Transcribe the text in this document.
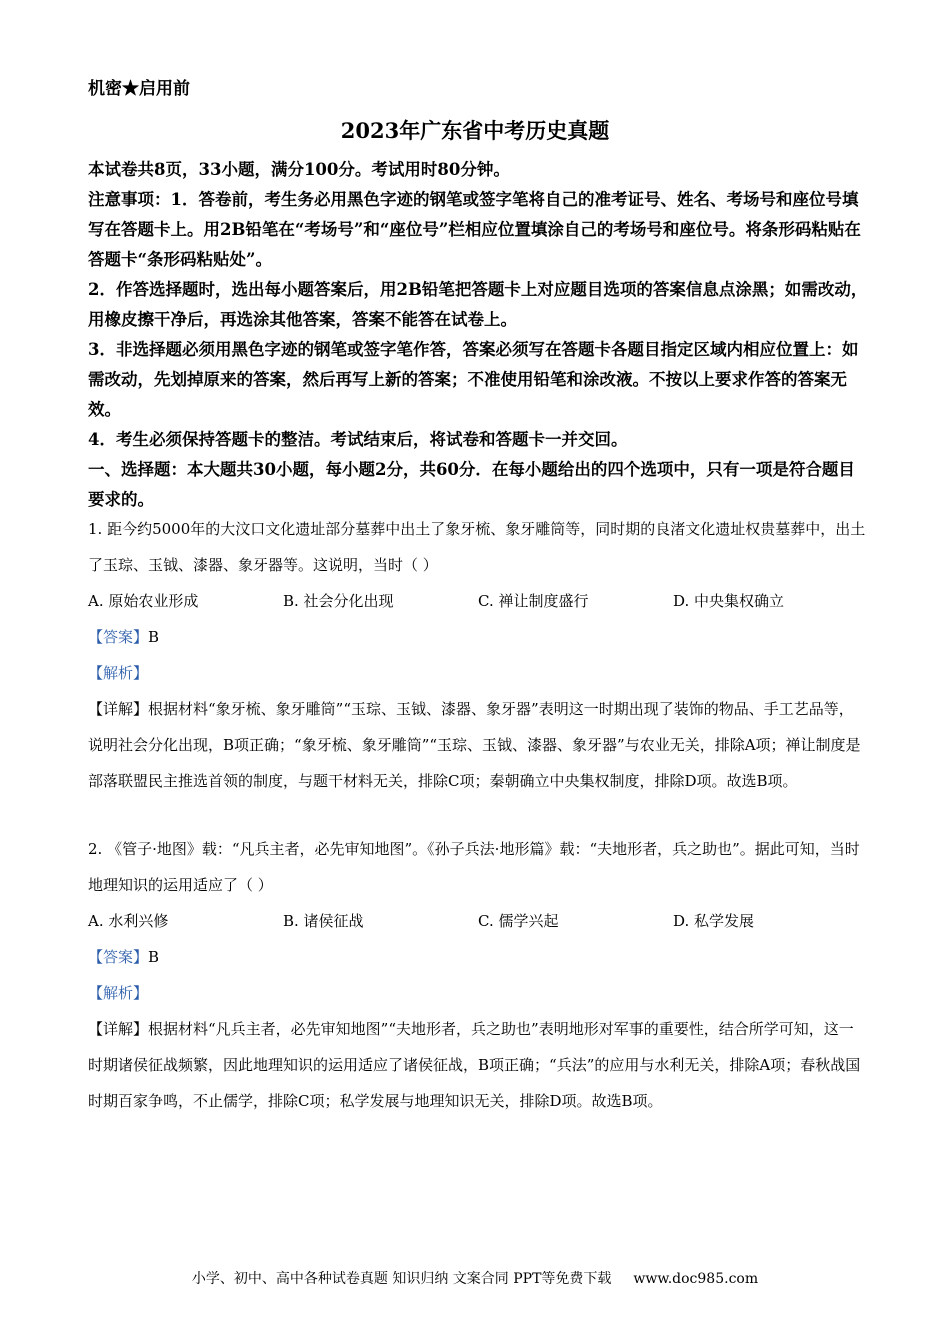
机密★启用前
2023年广东省中考历史真题

本试卷共8页，33小题，满分100分。考试用时80分钟。

注意事项：1．答卷前，考生务必用黑色字迹的钢笔或签字笔将自己的准考证号、姓名、考场号和座位号填写在答题卡上。用2B铅笔在“考场号”和“座位号”栏相应位置填涂自己的考场号和座位号。将条形码粘贴在答题卡“条形码粘贴处”。

2．作答选择题时，选出每小题答案后，用2B铅笔把答题卡上对应题目选项的答案信息点涂黑；如需改动，用橡皮擦干净后，再选涂其他答案，答案不能答在试卷上。

3．非选择题必须用黑色字迹的钢笔或签字笔作答，答案必须写在答题卡各题目指定区域内相应位置上：如需改动，先划掉原来的答案，然后再写上新的答案；不准使用铅笔和涂改液。不按以上要求作答的答案无效。

4．考生必须保持答题卡的整洁。考试结束后，将试卷和答题卡一并交回。

一、选择题：本大题共30小题，每小题2分，共60分．在每小题给出的四个选项中，只有一项是符合题目要求的。

1. 距今约5000年的大汶口文化遗址部分墓葬中出土了象牙梳、象牙雕筒等，同时期的良渚文化遗址权贵墓葬中，出土了玉琮、玉钺、漆器、象牙器等。这说明，当时（ ）

A. 原始农业形成	B. 社会分化出现	C. 禅让制度盛行	D. 中央集权确立

【答案】B

【解析】

【详解】根据材料“象牙梳、象牙雕筒”“玉琮、玉钺、漆器、象牙器”表明这一时期出现了装饰的物品、手工艺品等，说明社会分化出现，B项正确；“象牙梳、象牙雕筒”“玉琮、玉钺、漆器、象牙器”与农业无关，排除A项；禅让制度是部落联盟民主推选首领的制度，与题干材料无关，排除C项；秦朝确立中央集权制度，排除D项。故选B项。

2. 《管子·地图》载：“凡兵主者，必先审知地图”。《孙子兵法·地形篇》载：“夫地形者，兵之助也”。据此可知，当时地理知识的运用适应了（ ）

A. 水利兴修	B. 诸侯征战	C. 儒学兴起	D. 私学发展

【答案】B

【解析】

【详解】根据材料“凡兵主者，必先审知地图”“夫地形者，兵之助也”表明地形对军事的重要性，结合所学可知，这一时期诸侯征战频繁，因此地理知识的运用适应了诸侯征战，B项正确；“兵法”的应用与水利无关，排除A项；春秋战国时期百家争鸣，不止儒学，排除C项；私学发展与地理知识无关，排除D项。故选B项。

小学、初中、高中各种试卷真题 知识归纳 文案合同 PPT等免费下载 www.doc985.com
